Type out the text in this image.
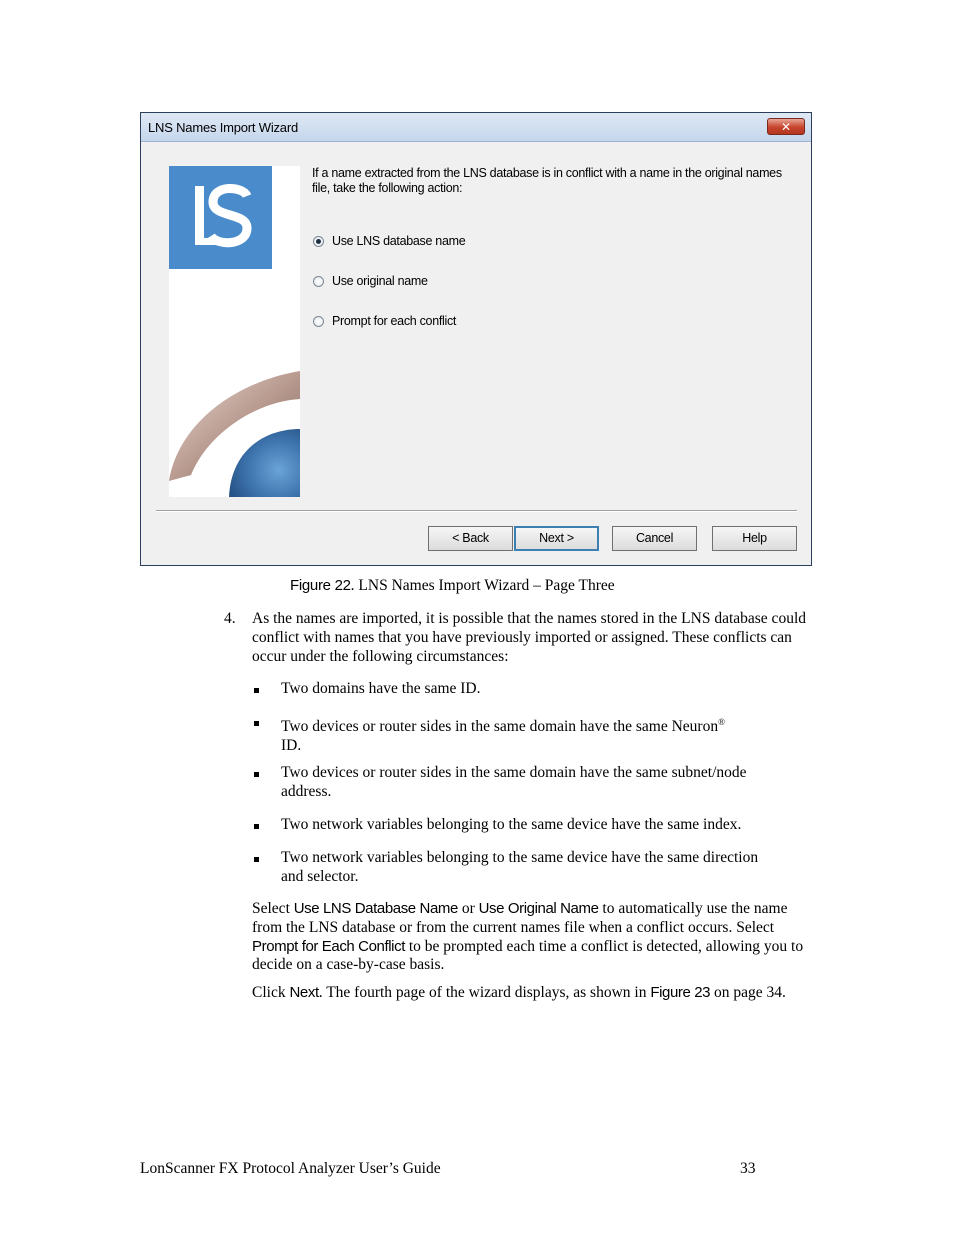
LNS Names Import Wizard	✕
If a name extracted from the LNS database is in conflict with a name in the original names file, take the following action:
Use LNS database name
Use original name
Prompt for each conflict
< Back	Next >	Cancel	Help
Figure 22. LNS Names Import Wizard – Page Three
4. As the names are imported, it is possible that the names stored in the LNS database could conflict with names that you have previously imported or assigned. These conflicts can occur under the following circumstances:
Two domains have the same ID.
Two devices or router sides in the same domain have the same Neuron®
ID.
Two devices or router sides in the same domain have the same subnet/node address.
Two network variables belonging to the same device have the same index.
Two network variables belonging to the same device have the same direction and selector.
Select Use LNS Database Name or Use Original Name to automatically use the name from the LNS database or from the current names file when a conflict occurs. Select Prompt for Each Conflict to be prompted each time a conflict is detected, allowing you to decide on a case-by-case basis.
Click Next. The fourth page of the wizard displays, as shown in Figure 23 on page 34.
LonScanner FX Protocol Analyzer User’s Guide	33
